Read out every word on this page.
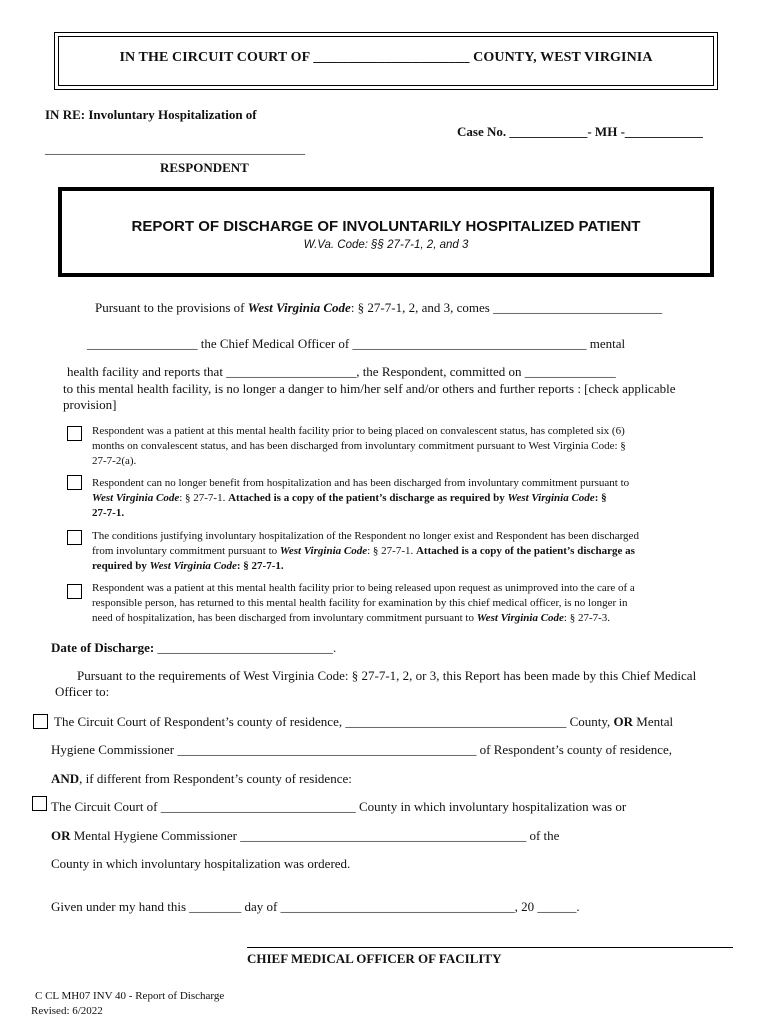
IN THE CIRCUIT COURT OF ______________________ COUNTY, WEST VIRGINIA
IN RE: Involuntary Hospitalization of
Case No. ____________- MH -____________
________________________________________
RESPONDENT
REPORT OF DISCHARGE OF INVOLUNTARILY HOSPITALIZED PATIENT
W.Va. Code: §§ 27-7-1, 2, and 3
Pursuant to the provisions of West Virginia Code: § 27-7-1, 2, and 3, comes __________________________
_________________ the Chief Medical Officer of ____________________________________ mental
health facility and reports that ____________________, the Respondent, committed on ______________
to this mental health facility, is no longer a danger to him/her self and/or others and further reports : [check applicable
provision]
Respondent was a patient at this mental health facility prior to being placed on convalescent status, has completed six (6)
months on convalescent status, and has been discharged from involuntary commitment pursuant to West Virginia Code: §
27-7-2(a).
Respondent can no longer benefit from hospitalization and has been discharged from involuntary commitment pursuant to
West Virginia Code: § 27-7-1. Attached is a copy of the patient’s discharge as required by West Virginia Code: §
27-7-1.
The conditions justifying involuntary hospitalization of the Respondent no longer exist and Respondent has been discharged
from involuntary commitment pursuant to West Virginia Code: § 27-7-1. Attached is a copy of the patient’s discharge as
required by West Virginia Code: § 27-7-1.
Respondent was a patient at this mental health facility prior to being released upon request as unimproved into the care of a
responsible person, has returned to this mental health facility for examination by this chief medical officer, is no longer in
need of hospitalization, has been discharged from involuntary commitment pursuant to West Virginia Code: § 27-7-3.
Date of Discharge: ___________________________.
Pursuant to the requirements of West Virginia Code: § 27-7-1, 2, or 3, this Report has been made by this Chief Medical
Officer to:
The Circuit Court of Respondent’s county of residence, __________________________________ County, OR Mental
Hygiene Commissioner ______________________________________________ of Respondent’s county of residence,
AND, if different from Respondent’s county of residence:
The Circuit Court of ______________________________ County in which involuntary hospitalization was or
OR Mental Hygiene Commissioner ____________________________________________ of the
County in which involuntary hospitalization was ordered.
Given under my hand this ________ day of ____________________________________, 20 ______.
CHIEF MEDICAL OFFICER OF FACILITY
C CL MH07 INV 40 - Report of Discharge
Revised: 6/2022
